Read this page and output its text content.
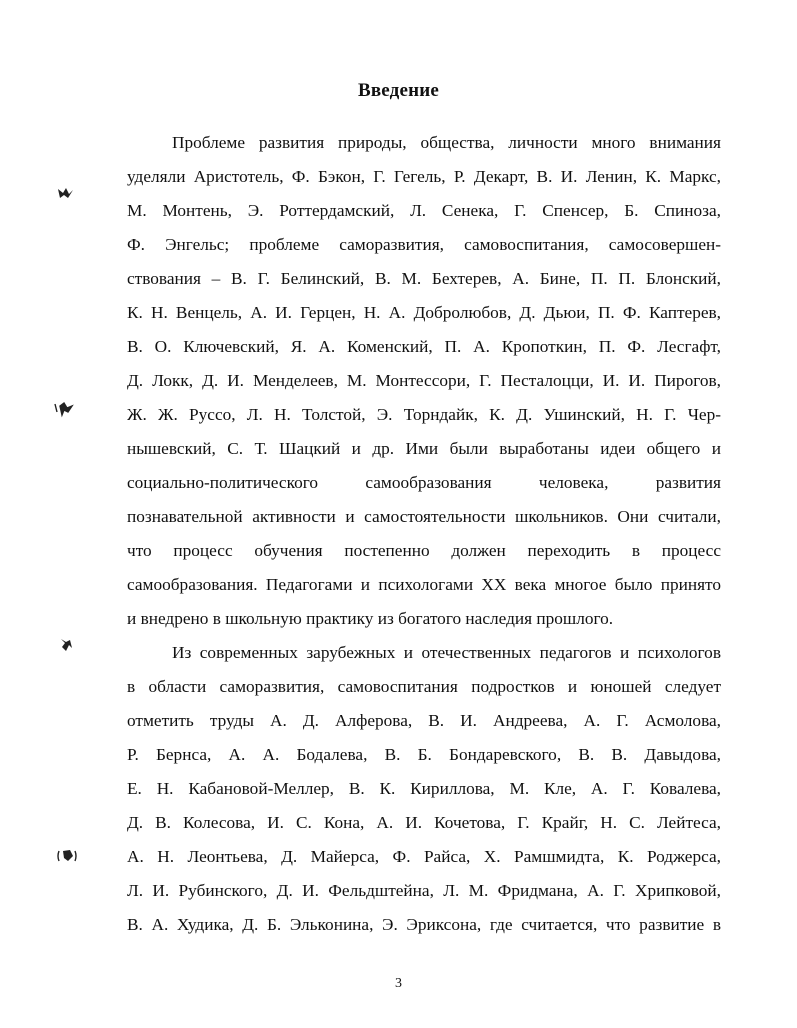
Введение
Проблеме развития природы, общества, личности много внимания
уделяли Аристотель, Ф. Бэкон, Г. Гегель, Р. Декарт, В. И. Ленин, К. Маркс,
М. Монтень, Э. Роттердамский, Л. Сенека, Г. Спенсер, Б. Спиноза,
Ф. Энгельс; проблеме саморазвития, самовоспитания, самосовершен-
ствования – В. Г. Белинский, В. М. Бехтерев, А. Бине, П. П. Блонский,
К. Н. Венцель, А. И. Герцен, Н. А. Добролюбов, Д. Дьюи, П. Ф. Каптерев,
В. О. Ключевский, Я. А. Коменский, П. А. Кропоткин, П. Ф. Лесгафт,
Д. Локк, Д. И. Менделеев, М. Монтессори, Г. Песталоцци, И. И. Пирогов,
Ж. Ж. Руссо, Л. Н. Толстой, Э. Торндайк, К. Д. Ушинский, Н. Г. Чер-
нышевский, С. Т. Шацкий и др. Ими были выработаны идеи общего и
социально-политического самообразования человека, развития
познавательной активности и самостоятельности школьников. Они считали,
что процесс обучения постепенно должен переходить в процесс
самообразования. Педагогами и психологами XX века многое было принято
и внедрено в школьную практику из богатого наследия прошлого.
Из современных зарубежных и отечественных педагогов и психологов
в области саморазвития, самовоспитания подростков и юношей следует
отметить труды А. Д. Алферова, В. И. Андреева, А. Г. Асмолова,
Р. Бернса, А. А. Бодалева, В. Б. Бондаревского, В. В. Давыдова,
Е. Н. Кабановой-Меллер, В. К. Кириллова, М. Кле, А. Г. Ковалева,
Д. В. Колесова, И. С. Кона, А. И. Кочетова, Г. Крайг, Н. С. Лейтеса,
А. Н. Леонтьева, Д. Майерса, Ф. Райса, Х. Рамшмидта, К. Роджерса,
Л. И. Рубинского, Д. И. Фельдштейна, Л. М. Фридмана, А. Г. Хрипковой,
В. А. Худика, Д. Б. Эльконина, Э. Эриксона, где считается, что развитие в
3
